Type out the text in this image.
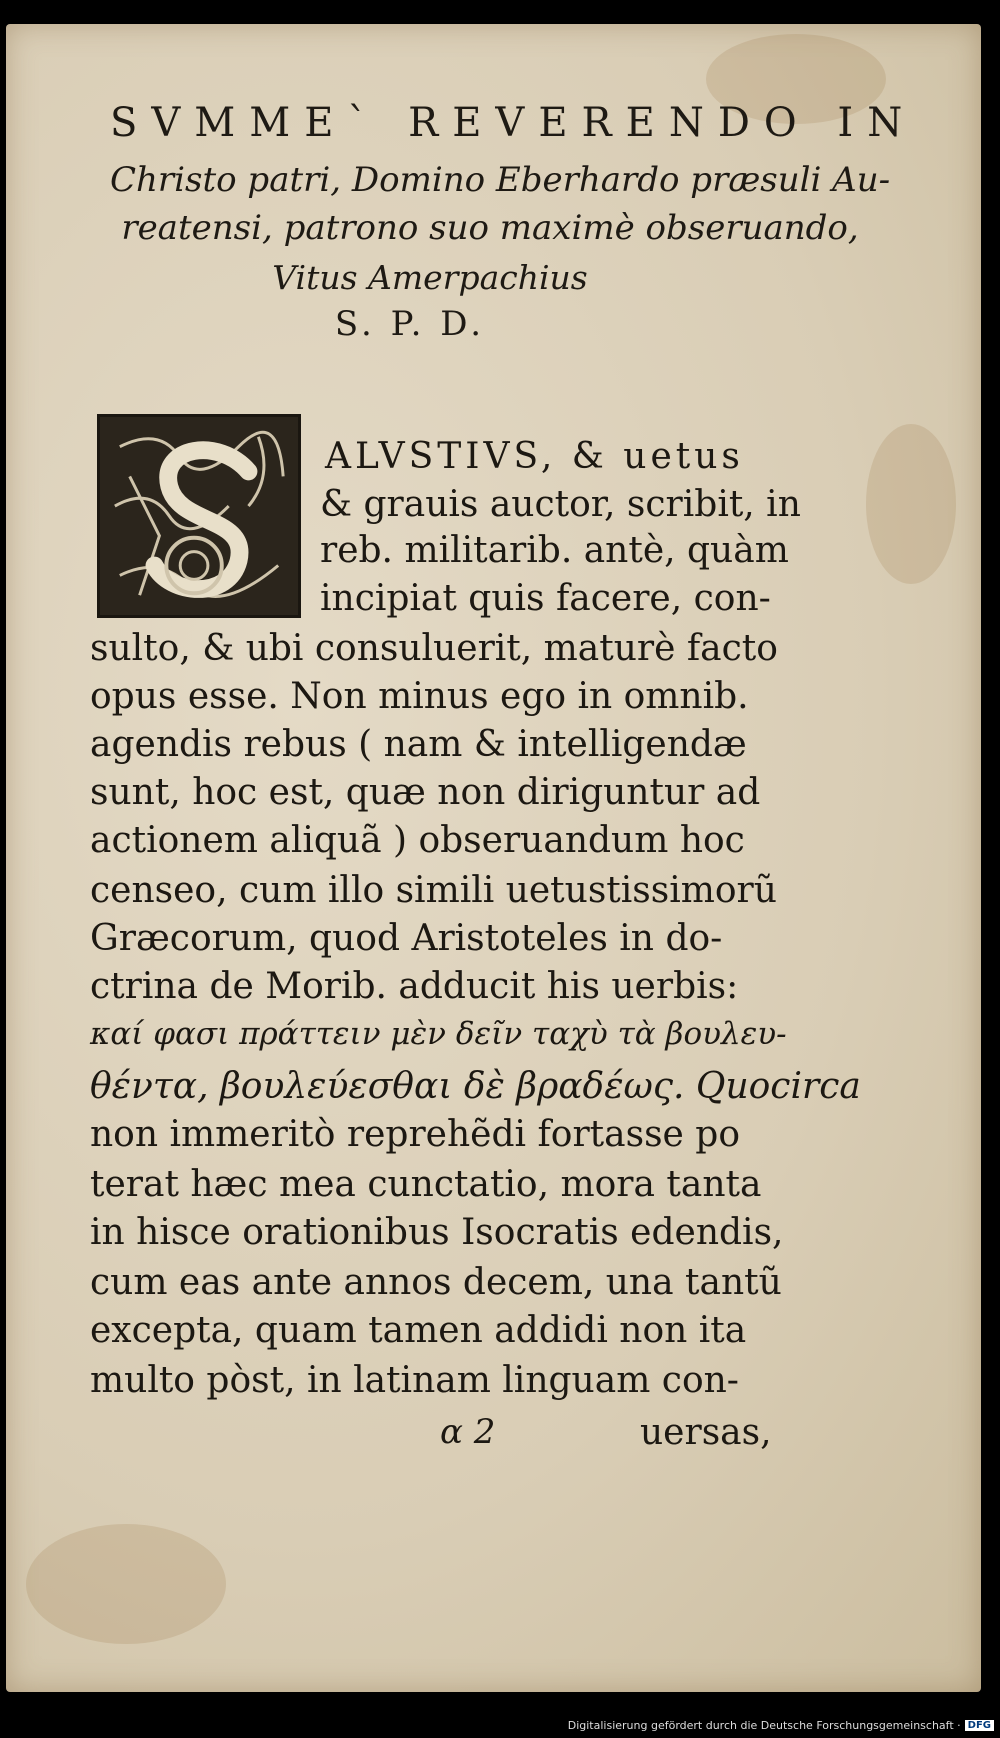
SVMME` REVERENDO IN
Christo patri, Domino Eberhardo præsuli Au-
reatensi, patrono suo maximè obseruando,
Vitus Amerpachius
S. P. D.
ALVSTIVS, & uetus
& grauis auctor, scribit, in
reb. militarib. antè, quàm
incipiat quis facere, con-
sulto, & ubi consuluerit, maturè facto
opus esse. Non minus ego in omnib.
agendis rebus ( nam & intelligendæ
sunt, hoc est, quæ non diriguntur ad
actionem aliquã ) obseruandum hoc
censeo, cum illo simili uetustissimorũ
Græcorum, quod Aristoteles in do-
ctrina de Morib. adducit his uerbis:
καί φασι πράττειν μὲν δεῖν ταχὺ τὰ βουλευ-
θέντα, βουλεύεσθαι δὲ βραδέως. Quocirca
non immeritò reprehẽdi fortasse po
terat hæc mea cunctatio, mora tanta
in hisce orationibus Isocratis edendis,
cum eas ante annos decem, una tantũ
excepta, quam tamen addidi non ita
multo pòst, in latinam linguam con-
α 2	uersas,
Digitalisierung gefördert durch die Deutsche Forschungsgemeinschaft · DFG
